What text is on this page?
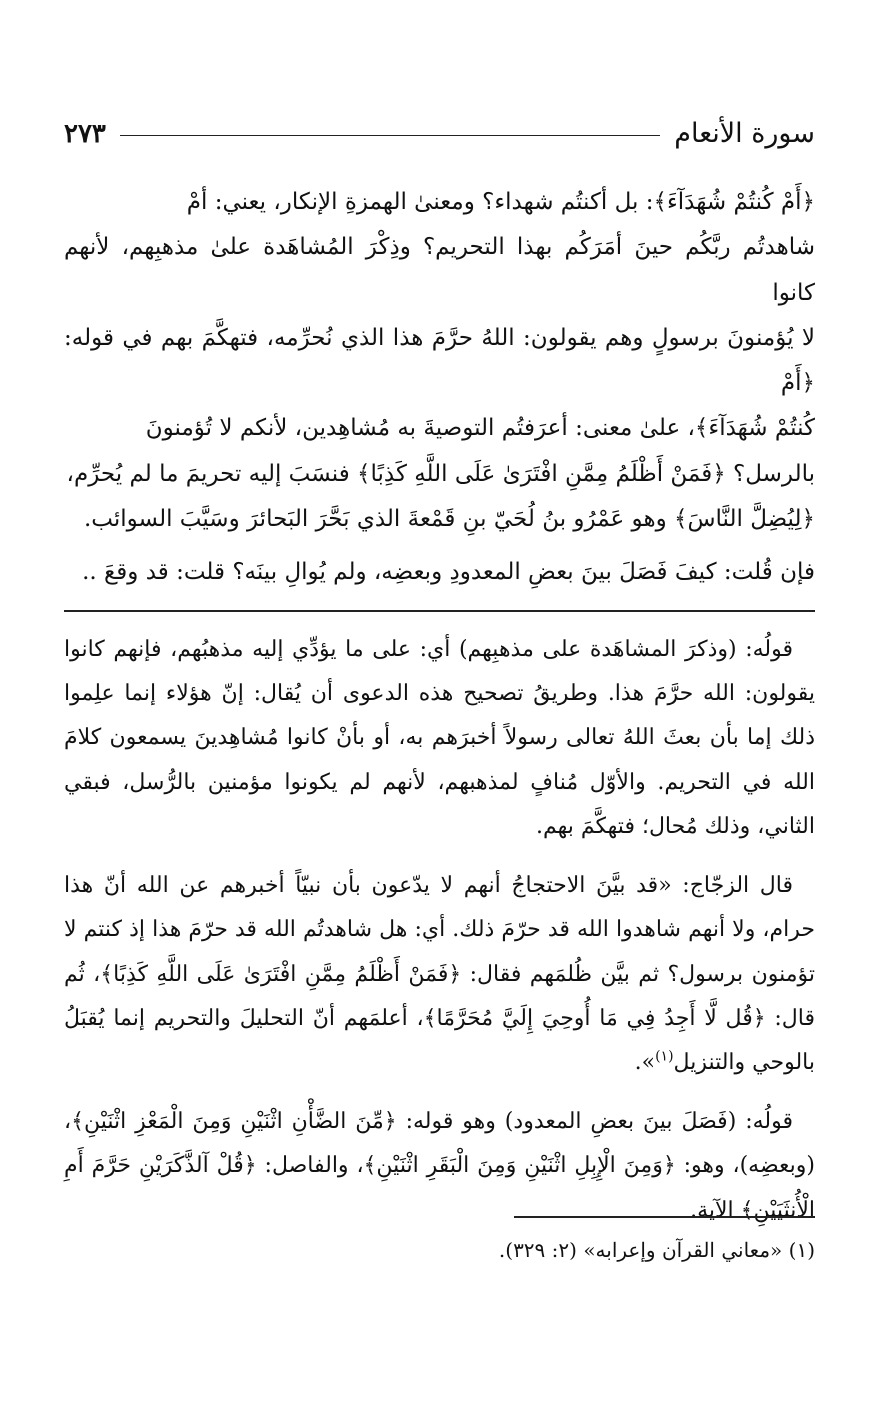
سورة الأنعام
٢٧٣

﴿أَمْ كُنتُمْ شُهَدَآءَ﴾: بل أكنتُم شهداء؟ ومعنىٰ الهمزةِ الإنكار، يعني: أمْ

شاهدتُم ربَّكُم حينَ أمَرَكُم بهذا التحريم؟ وذِكْرَ المُشاهَدة علىٰ مذهبِهم، لأنهم كانوا

لا يُؤمنونَ برسولٍ وهم يقولون: اللهُ حرَّمَ هذا الذي نُحرِّمه، فتهكَّمَ بهم في قوله: ﴿أَمْ

كُنتُمْ شُهَدَآءَ﴾، علىٰ معنى: أعرَفتُم التوصيةَ به مُشاهِدين، لأنكم لا تُؤمنونَ

بالرسل؟ ﴿فَمَنْ أَظْلَمُ مِمَّنِ افْتَرَىٰ عَلَى اللَّهِ كَذِبًا﴾ فنسَبَ إليه تحريمَ ما لم يُحرِّم،

﴿لِيُضِلَّ النَّاسَ﴾ وهو عَمْرُو بنُ لُحَيّ بنِ قَمْعةَ الذي بَحَّرَ البَحائرَ وسَيَّبَ السوائب.

فإن قُلت: كيفَ فَصَلَ بينَ بعضِ المعدودِ وبعضِه، ولم يُوالِ بينَه؟ قلت: قد وقعَ ..

قولُه: (وذكرَ المشاهَدة على مذهبِهم) أي: على ما يؤدِّي إليه مذهبُهم، فإنهم كانوا يقولون: الله حرَّمَ هذا. وطريقُ تصحيح هذه الدعوى أن يُقال: إنّ هؤلاء إنما علِموا ذلك إما بأن بعثَ اللهُ تعالى رسولاً أخبرَهم به، أو بأنْ كانوا مُشاهِدينَ يسمعون كلامَ الله في التحريم. والأوّل مُنافٍ لمذهبهم، لأنهم لم يكونوا مؤمنين بالرُّسل، فبقي الثاني، وذلك مُحال؛ فتهكَّمَ بهم.

قال الزجّاج: «قد بيَّنَ الاحتجاجُ أنهم لا يدّعون بأن نبيّاً أخبرهم عن الله أنّ هذا حرام، ولا أنهم شاهدوا الله قد حرّمَ ذلك. أي: هل شاهدتُم الله قد حرّمَ هذا إذ كنتم لا تؤمنون برسول؟ ثم بيَّن ظُلمَهم فقال: ﴿فَمَنْ أَظْلَمُ مِمَّنِ افْتَرَىٰ عَلَى اللَّهِ كَذِبًا﴾، ثُم قال: ﴿قُل لَّا أَجِدُ فِي مَا أُوحِيَ إِلَيَّ مُحَرَّمًا﴾، أعلمَهم أنّ التحليلَ والتحريم إنما يُقبَلُ بالوحي والتنزيل$^{(١)}$».

قولُه: (فَصَلَ بينَ بعضِ المعدود) وهو قوله: ﴿مِّنَ الضَّأْنِ اثْنَيْنِ وَمِنَ الْمَعْزِ اثْنَيْنِ﴾، (وبعضِه)، وهو: ﴿وَمِنَ الْإِبِلِ اثْنَيْنِ وَمِنَ الْبَقَرِ اثْنَيْنِ﴾، والفاصل: ﴿قُلْ آلذَّكَرَيْنِ حَرَّمَ أَمِ الْأُنثَيَيْنِ﴾ الآية.

(١) «معاني القرآن وإعرابه» (٢: ٣٢٩).
